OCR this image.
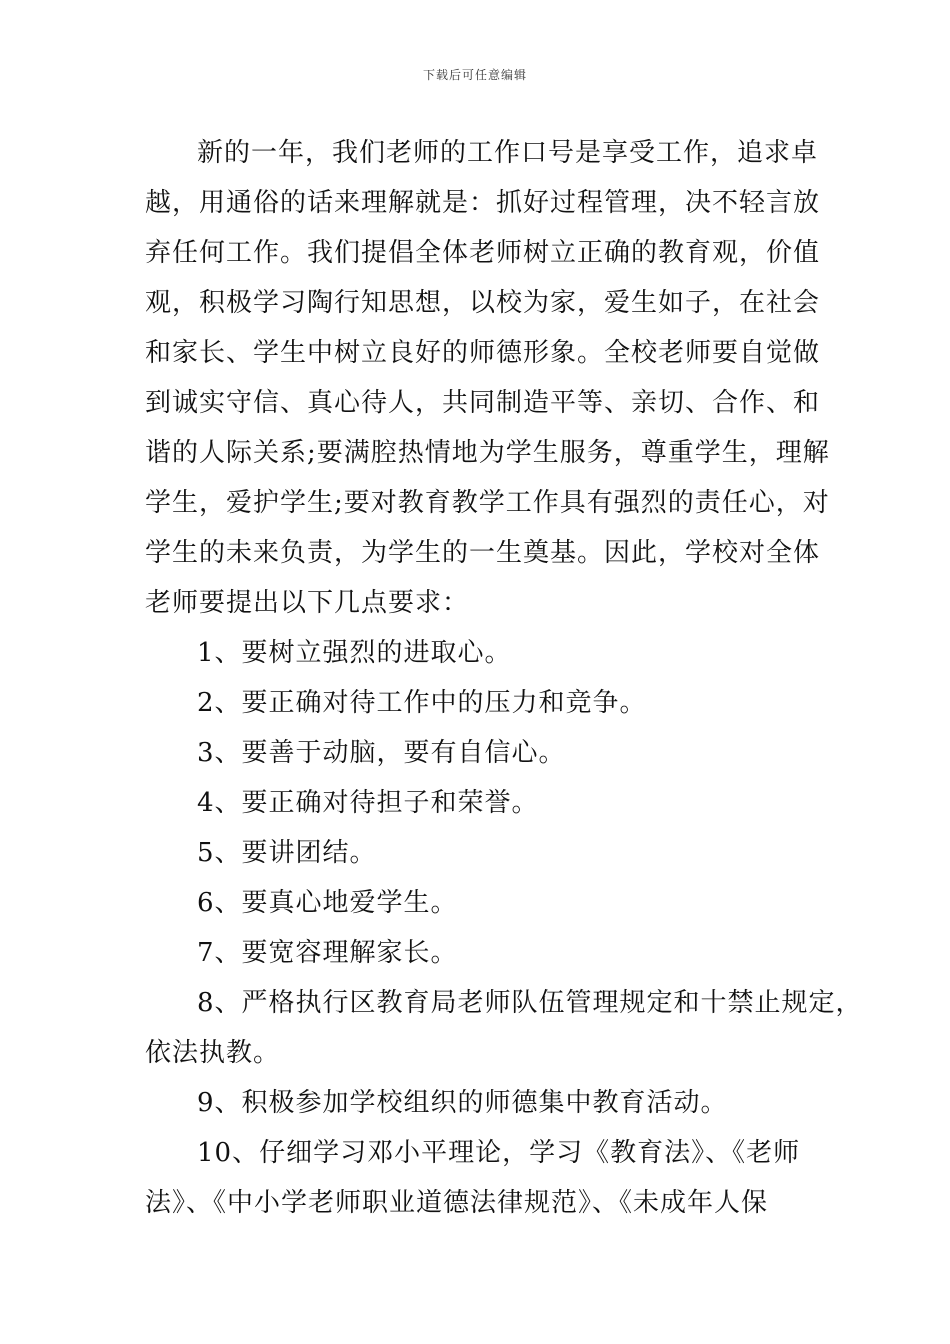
下载后可任意编辑
新的一年，我们老师的工作口号是享受工作，追求卓
越，用通俗的话来理解就是：抓好过程管理，决不轻言放
弃任何工作。我们提倡全体老师树立正确的教育观，价值
观，积极学习陶行知思想，以校为家，爱生如子，在社会
和家长、学生中树立良好的师德形象。全校老师要自觉做
到诚实守信、真心待人，共同制造平等、亲切、合作、和
谐的人际关系;要满腔热情地为学生服务，尊重学生，理解
学生，爱护学生;要对教育教学工作具有强烈的责任心，对
学生的未来负责，为学生的一生奠基。因此，学校对全体
老师要提出以下几点要求：
1、要树立强烈的进取心。
2、要正确对待工作中的压力和竞争。
3、要善于动脑，要有自信心。
4、要正确对待担子和荣誉。
5、要讲团结。
6、要真心地爱学生。
7、要宽容理解家长。
8、严格执行区教育局老师队伍管理规定和十禁止规定，
依法执教。
9、积极参加学校组织的师德集中教育活动。
10、仔细学习邓小平理论，学习《教育法》、《老师
法》、《中小学老师职业道德法律规范》、《未成年人保
